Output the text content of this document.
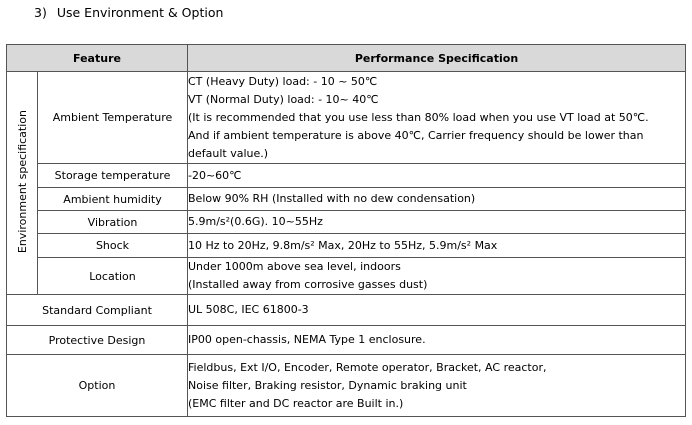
3) Use Environment & Option
Feature		Performance Specification
Environment specification	Ambient Temperature	CT (Heavy Duty) load: - 10 ~ 50℃
VT (Normal Duty) load: - 10~ 40℃
(It is recommended that you use less than 80% load when you use VT load at 50℃.
And if ambient temperature is above 40℃, Carrier frequency should be lower than
default value.)

	Storage temperature	-20~60℃

	Ambient humidity	Below 90% RH (Installed with no dew condensation)

	Vibration	5.9m/s²(0.6G). 10~55Hz

	Shock	10 Hz to 20Hz, 9.8m/s² Max, 20Hz to 55Hz, 5.9m/s² Max

	Location	Under 1000m above sea level, indoors
(Installed away from corrosive gasses dust)

Standard Compliant		UL 508C, IEC 61800-3

Protective Design		IP00 open-chassis, NEMA Type 1 enclosure.

Option		Fieldbus, Ext I/O, Encoder, Remote operator, Bracket, AC reactor,
Noise filter, Braking resistor, Dynamic braking unit
(EMC filter and DC reactor are Built in.)
